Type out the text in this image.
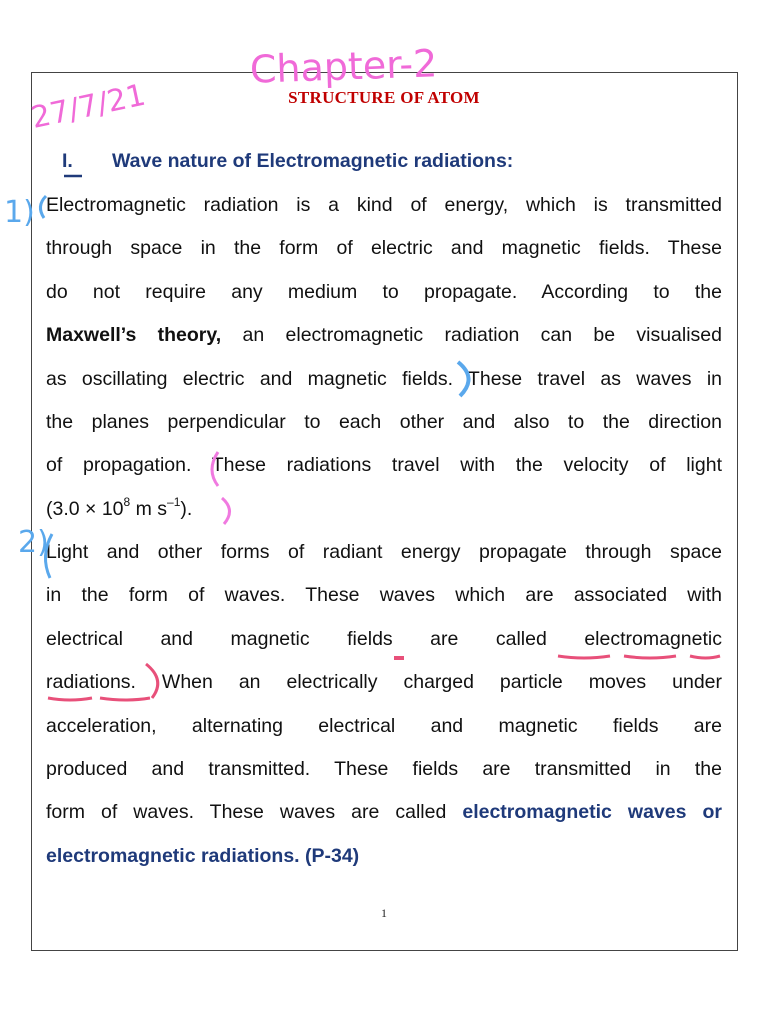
STRUCTURE OF ATOM
I. Wave nature of Electromagnetic radiations:
Electromagnetic radiation is a kind of energy, which is transmitted
through space in the form of electric and magnetic fields. These
do not require any medium to propagate. According to the
Maxwell’s theory, an electromagnetic radiation can be visualised
as oscillating electric and magnetic fields. These travel as waves in
the planes perpendicular to each other and also to the direction
of propagation. These radiations travel with the velocity of light
($3.0 \times 10^8$ m $s^{-1}$).
Light and other forms of radiant energy propagate through space
in the form of waves. These waves which are associated with
electrical and magnetic fields are called electromagnetic
radiations. When an electrically charged particle moves under
acceleration, alternating electrical and magnetic fields are
produced and transmitted. These fields are transmitted in the
form of waves. These waves are called electromagnetic waves or
electromagnetic radiations. (P-34)
1
Chapter-2
27/7/21
1)
2)
